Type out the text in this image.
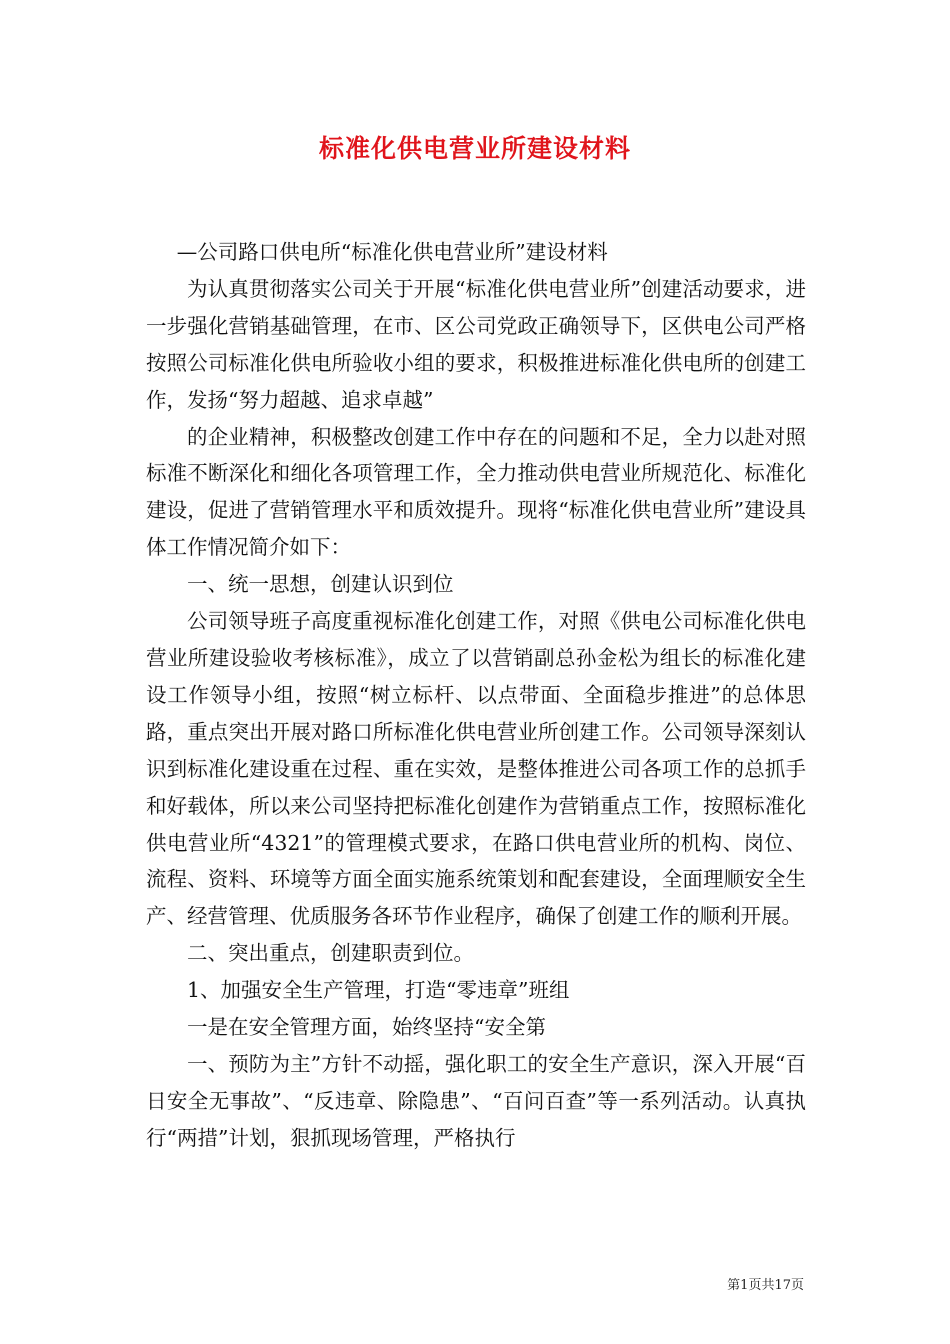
标准化供电营业所建设材料

—公司路口供电所“标准化供电营业所”建设材料

为认真贯彻落实公司关于开展“标准化供电营业所”创建活动要求，进一步强化营销基础管理，在市、区公司党政正确领导下，区供电公司严格按照公司标准化供电所验收小组的要求，积极推进标准化供电所的创建工作，发扬“努力超越、追求卓越”

的企业精神，积极整改创建工作中存在的问题和不足，全力以赴对照标准不断深化和细化各项管理工作，全力推动供电营业所规范化、标准化建设，促进了营销管理水平和质效提升。现将“标准化供电营业所”建设具体工作情况简介如下：

一、统一思想，创建认识到位

公司领导班子高度重视标准化创建工作，对照《供电公司标准化供电营业所建设验收考核标准》，成立了以营销副总孙金松为组长的标准化建设工作领导小组，按照“树立标杆、以点带面、全面稳步推进”的总体思路，重点突出开展对路口所标准化供电营业所创建工作。公司领导深刻认识到标准化建设重在过程、重在实效，是整体推进公司各项工作的总抓手和好载体，所以来公司坚持把标准化创建作为营销重点工作，按照标准化供电营业所“4321”的管理模式要求，在路口供电营业所的机构、岗位、流程、资料、环境等方面全面实施系统策划和配套建设，全面理顺安全生产、经营管理、优质服务各环节作业程序，确保了创建工作的顺利开展。

二、突出重点，创建职责到位。

1、加强安全生产管理，打造“零违章”班组

一是在安全管理方面，始终坚持“安全第

一、预防为主”方针不动摇，强化职工的安全生产意识，深入开展“百日安全无事故”、“反违章、除隐患”、“百问百查”等一系列活动。认真执行“两措”计划，狠抓现场管理，严格执行

第1页共17页
